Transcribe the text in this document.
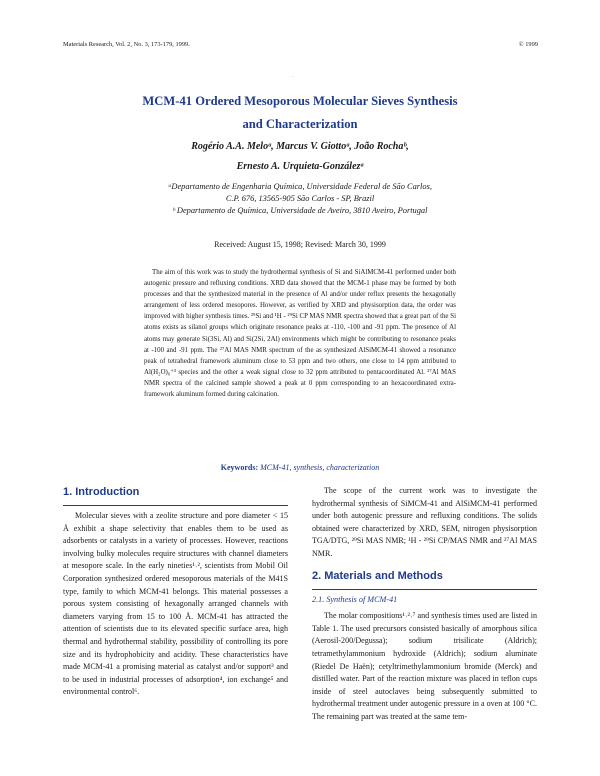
Materials Research, Vol. 2, No. 3, 173-179, 1999.	© 1999
.
MCM-41 Ordered Mesoporous Molecular Sieves Synthesis
and Characterization
Rogério A.A. Meloᵃ, Marcus V. Giottoᵃ, João Rochaᵇ,
Ernesto A. Urquieta-Gonzálezᵃ
ᵃDepartamento de Engenharia Química, Universidade Federal de São Carlos,
C.P. 676, 13565-905 São Carlos - SP, Brazil
ᵇ Departamento de Química, Universidade de Aveiro, 3810 Aveiro, Portugal
Received: August 15, 1998; Revised: March 30, 1999

The aim of this work was to study the hydrothermal synthesis of Si and SiAlMCM-41 performed under both autogenic pressure and refluxing conditions. XRD data showed that the MCM-1 phase may be formed by both processes and that the synthesized material in the presence of Al and/or under reflux presents the hexagonally arrangement of less ordered mesopores. However, as verified by XRD and physisorption data, the order was improved with higher synthesis times. ²⁹Si and ¹H - ²⁹Si CP MAS NMR spectra showed that a great part of the Si atoms exists as silanol groups which originate resonance peaks at -110, -100 and -91 ppm. The presence of Al atoms may generate Si(3Si, Al) and Si(2Si, 2Al) environments which might be contributing to resonance peaks at -100 and -91 ppm. The ²⁷Al MAS NMR spectrum of the as synthesized AlSiMCM-41 showed a resonance peak of tetrahedral framework aluminum close to 53 ppm and two others, one close to 14 ppm attributed to Al(H₂O)₆⁺³ species and the other a weak signal close to 32 ppm attributed to pentacoordinated Al. ²⁷Al MAS NMR spectra of the calcined sample showed a peak at 0 ppm corresponding to an hexacoordinated extra-framework aluminum formed during calcination.

Keywords: MCM-41, synthesis, characterization
1. Introduction

Molecular sieves with a zeolite structure and pore diameter < 15 Å exhibit a shape selectivity that enables them to be used as adsorbents or catalysts in a variety of processes. However, reactions involving bulky molecules require structures with channel diameters at mesopore scale. In the early nineties¹˒², scientists from Mobil Oil Corporation synthesized ordered mesoporous materials of the M41S type, family to which MCM-41 belongs. This material possesses a porous system consisting of hexagonally arranged channels with diameters varying from 15 to 100 Å. MCM-41 has attracted the attention of scientists due to its elevated specific surface area, high thermal and hydrothermal stability, possibility of controlling its pore size and its hydrophobicity and acidity. These characteristics have made MCM-41 a promising material as catalyst and/or support³ and to be used in industrial processes of adsorption⁴, ion exchange⁵ and environmental control⁶.

The scope of the current work was to investigate the hydrothermal synthesis of SiMCM-41 and AlSiMCM-41 performed under both autogenic pressure and refluxing conditions. The solids obtained were characterized by XRD, SEM, nitrogen physisorption TGA/DTG, ²⁹Si MAS NMR; ¹H - ²⁹Si CP/MAS NMR and ²⁷Al MAS NMR.

2. Materials and Methods
2.1. Synthesis of MCM-41

The molar compositions¹˒²˒⁷ and synthesis times used are listed in Table 1. The used precursors consisted basically of amorphous silica (Aerosil-200/Degussa); sodium trisilicate (Aldrich); tetramethylammonium hydroxide (Aldrich); sodium aluminate (Riedel De Haën); cetyltrimethylammonium bromide (Merck) and distilled water. Part of the reaction mixture was placed in teflon cups inside of steel autoclaves being subsequently submitted to hydrothermal treatment under autogenic pressure in a oven at 100 °C. The remaining part was treated at the same tem-
